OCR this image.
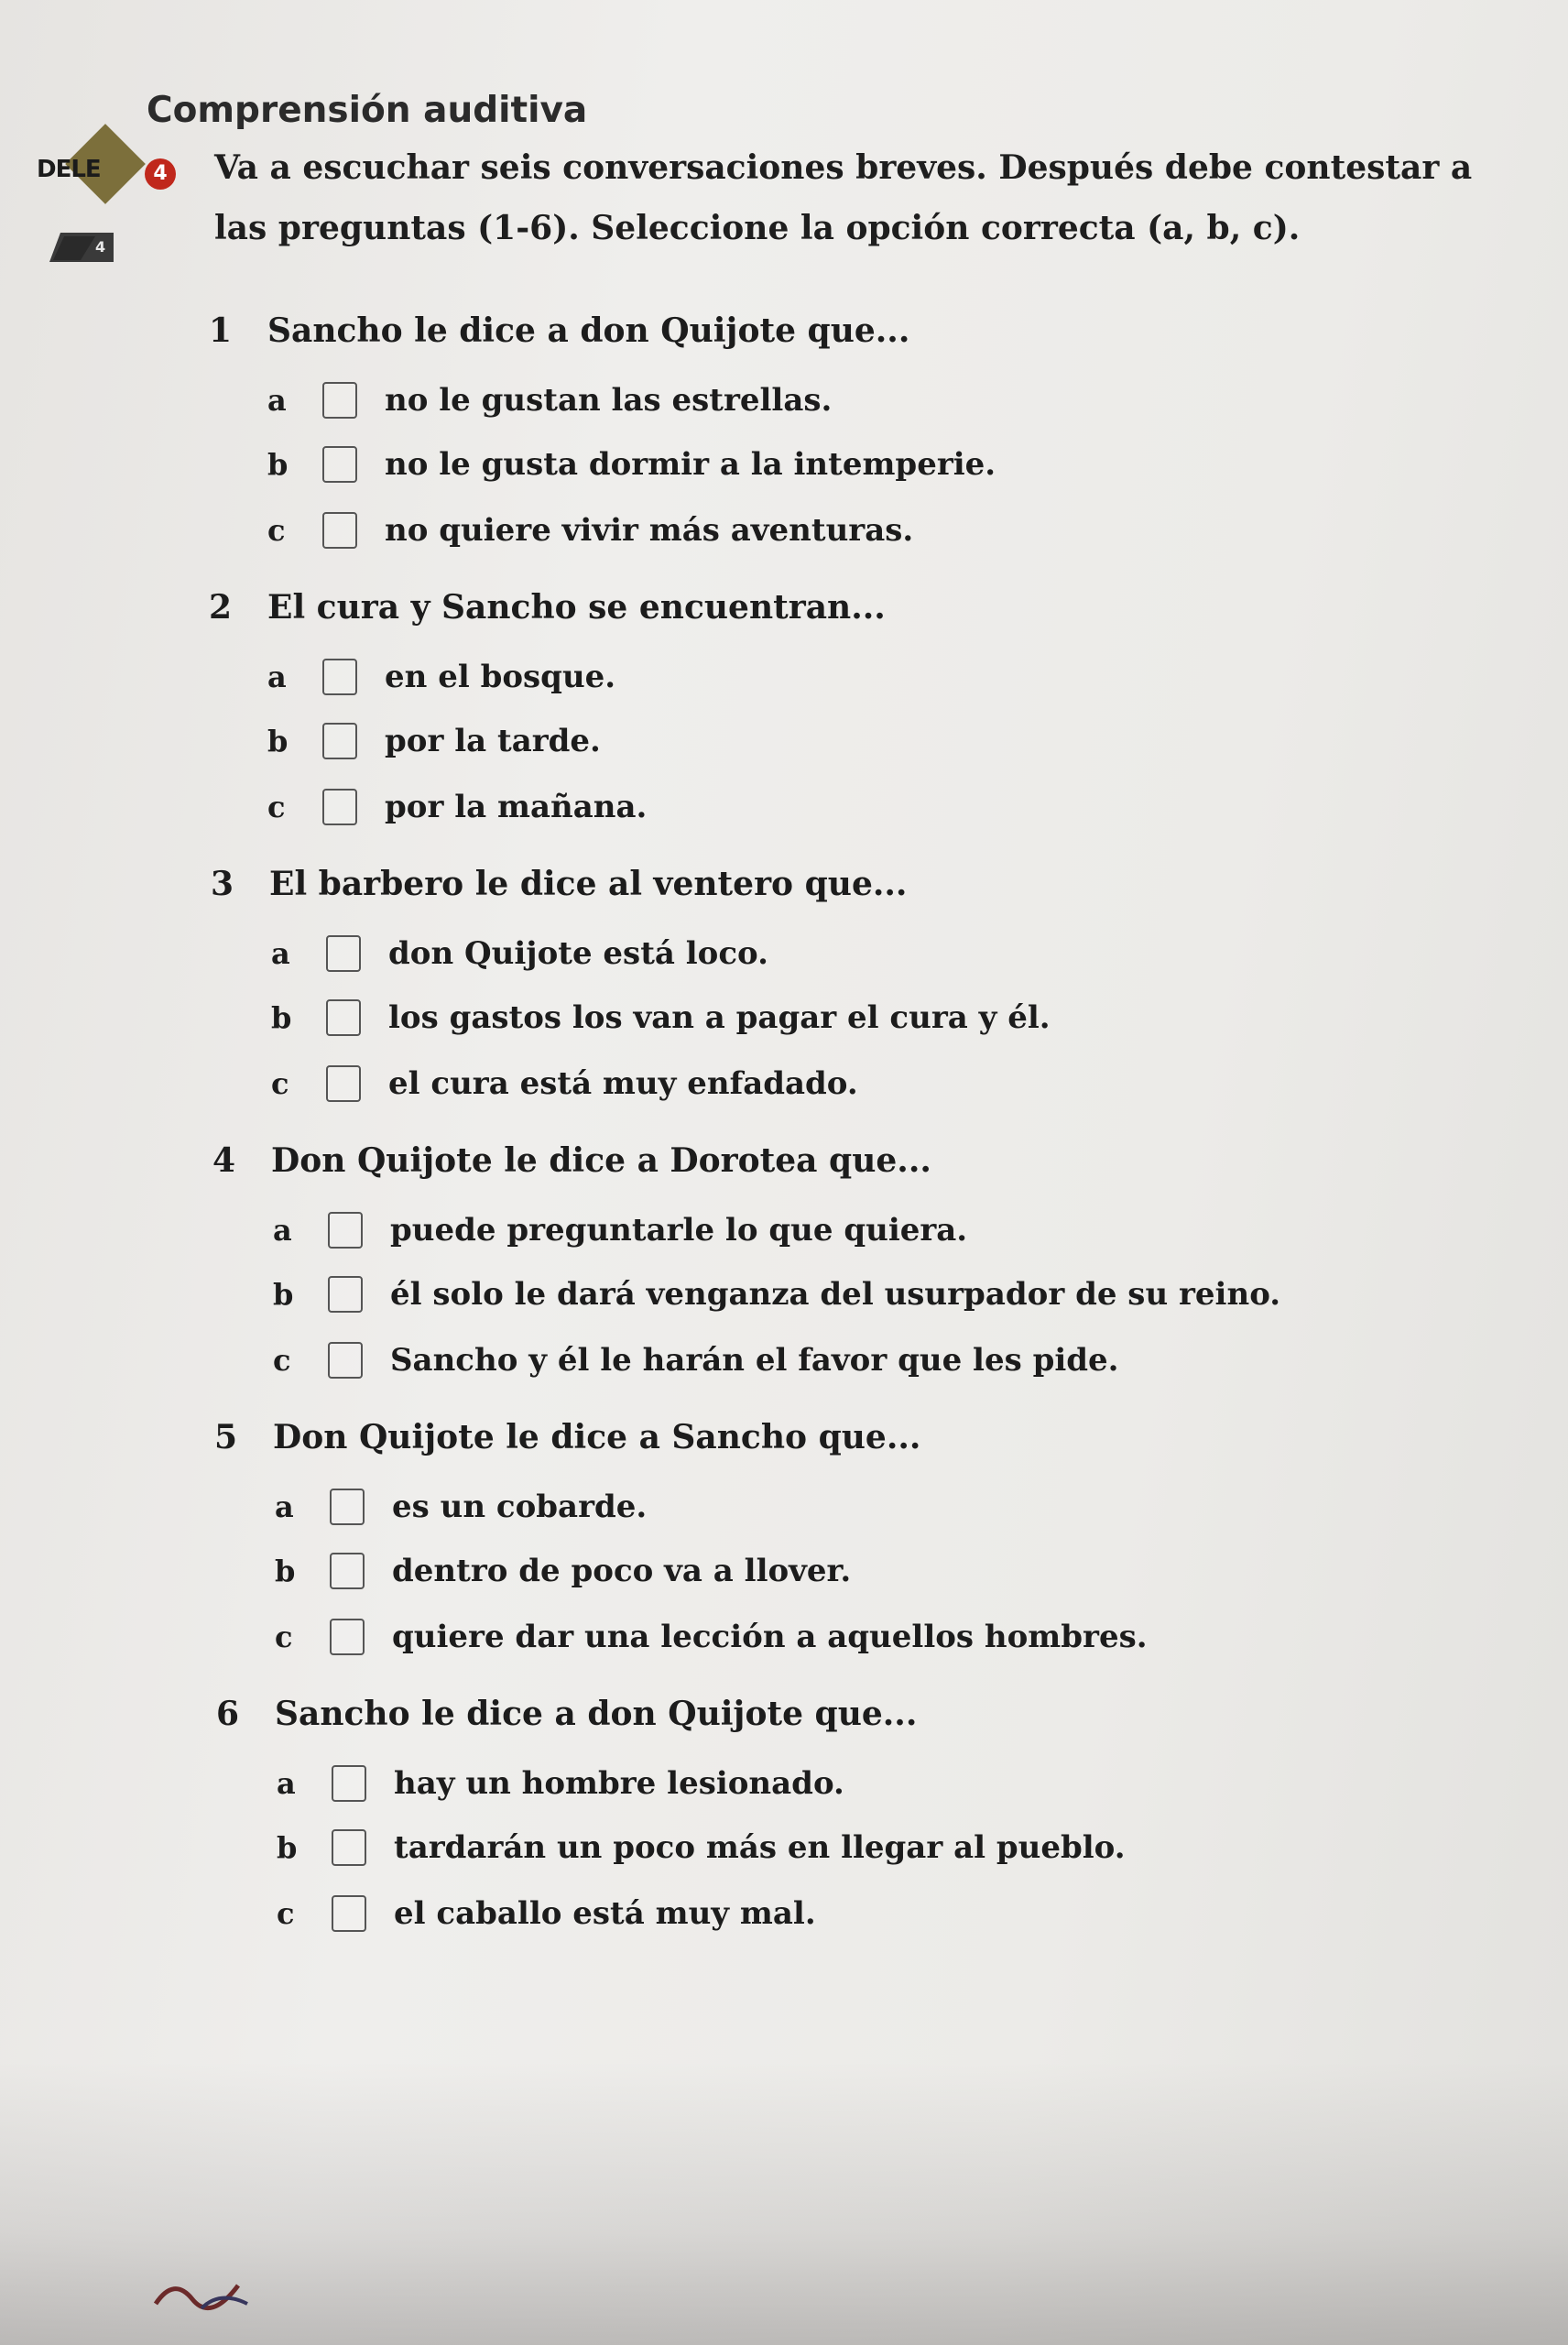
Comprensión auditiva
DELE	4
4
Va a escuchar seis conversaciones breves. Después debe contestar a
las preguntas (1-6). Seleccione la opción correcta (a, b, c).
1 Sancho le dice a don Quijote que...
a	no le gustan las estrellas.
b	no le gusta dormir a la intemperie.
c	no quiere vivir más aventuras.
2 El cura y Sancho se encuentran...
a	en el bosque.
b	por la tarde.
c	por la mañana.
3 El barbero le dice al ventero que...
a	don Quijote está loco.
b	los gastos los van a pagar el cura y él.
c	el cura está muy enfadado.
4 Don Quijote le dice a Dorotea que...
a	puede preguntarle lo que quiera.
b	él solo le dará venganza del usurpador de su reino.
c	Sancho y él le harán el favor que les pide.
5 Don Quijote le dice a Sancho que...
a	es un cobarde.
b	dentro de poco va a llover.
c	quiere dar una lección a aquellos hombres.
6 Sancho le dice a don Quijote que...
a	hay un hombre lesionado.
b	tardarán un poco más en llegar al pueblo.
c	el caballo está muy mal.
